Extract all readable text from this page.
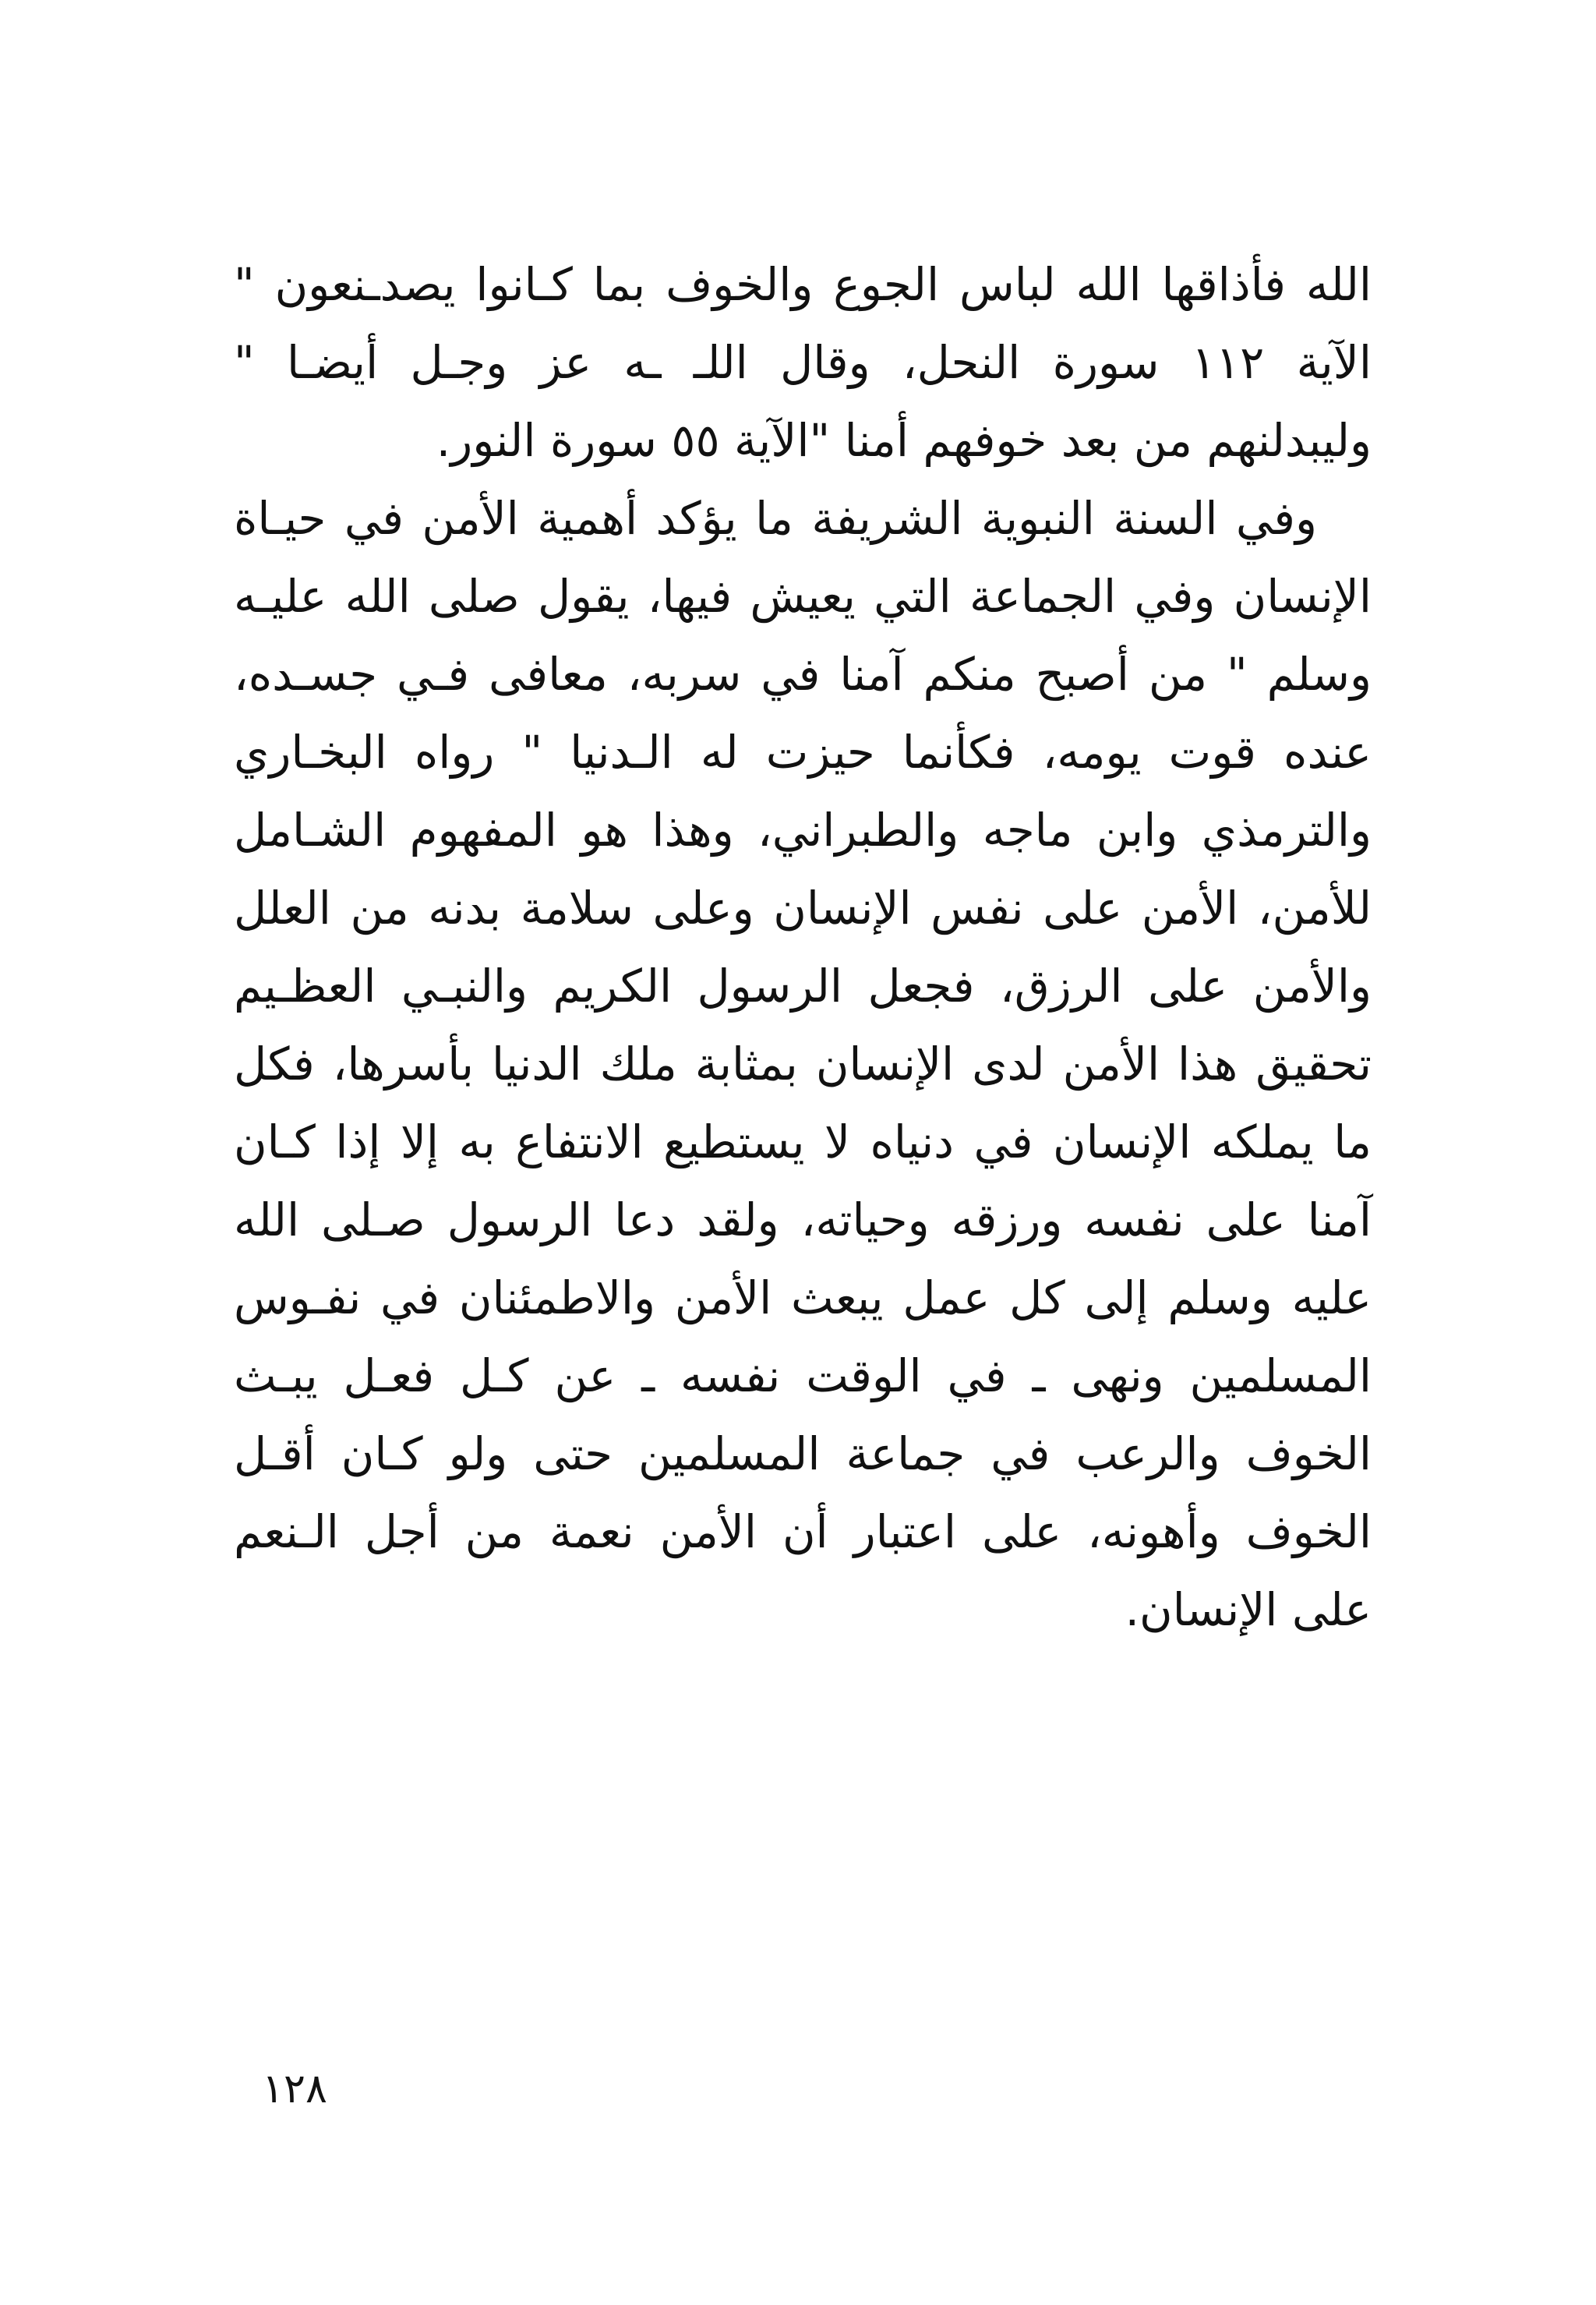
الله فأذاقها الله لباس الجوع والخوف بما كـانوا يصدـنعون "
الآية ١١٢ سورة النحل، وقال اللـ ـه عز وجـل أيضـا "
وليبدلنهم من بعد خوفهم أمنا "الآية ٥٥ سورة النور.
وفي السنة النبوية الشريفة ما يؤكد أهمية الأمن في حيـاة
الإنسان وفي الجماعة التي يعيش فيها، يقول صلى الله عليـه
وسلم " من أصبح منكم آمنا في سربه، معافى فـي جسـده،
عنده قوت يومه، فكأنما حيزت له الـدنيا " رواه البخـاري
والترمذي وابن ماجه والطبراني، وهذا هو المفهوم الشـامل
للأمن، الأمن على نفس الإنسان وعلى سلامة بدنه من العلل
والأمن على الرزق، فجعل الرسول الكريم والنبـي العظـيم
تحقيق هذا الأمن لدى الإنسان بمثابة ملك الدنيا بأسرها، فكل
ما يملكه الإنسان في دنياه لا يستطيع الانتفاع به إلا إذا كـان
آمنا على نفسه ورزقه وحياته، ولقد دعا الرسول صـلى الله
عليه وسلم إلى كل عمل يبعث الأمن والاطمئنان في نفـوس
المسلمين ونهى ـ في الوقت نفسه ـ عن كـل فعـل يبـث
الخوف والرعب في جماعة المسلمين حتى ولو كـان أقـل
الخوف وأهونه، على اعتبار أن الأمن نعمة من أجل الـنعم
على الإنسان.
١٢٨
